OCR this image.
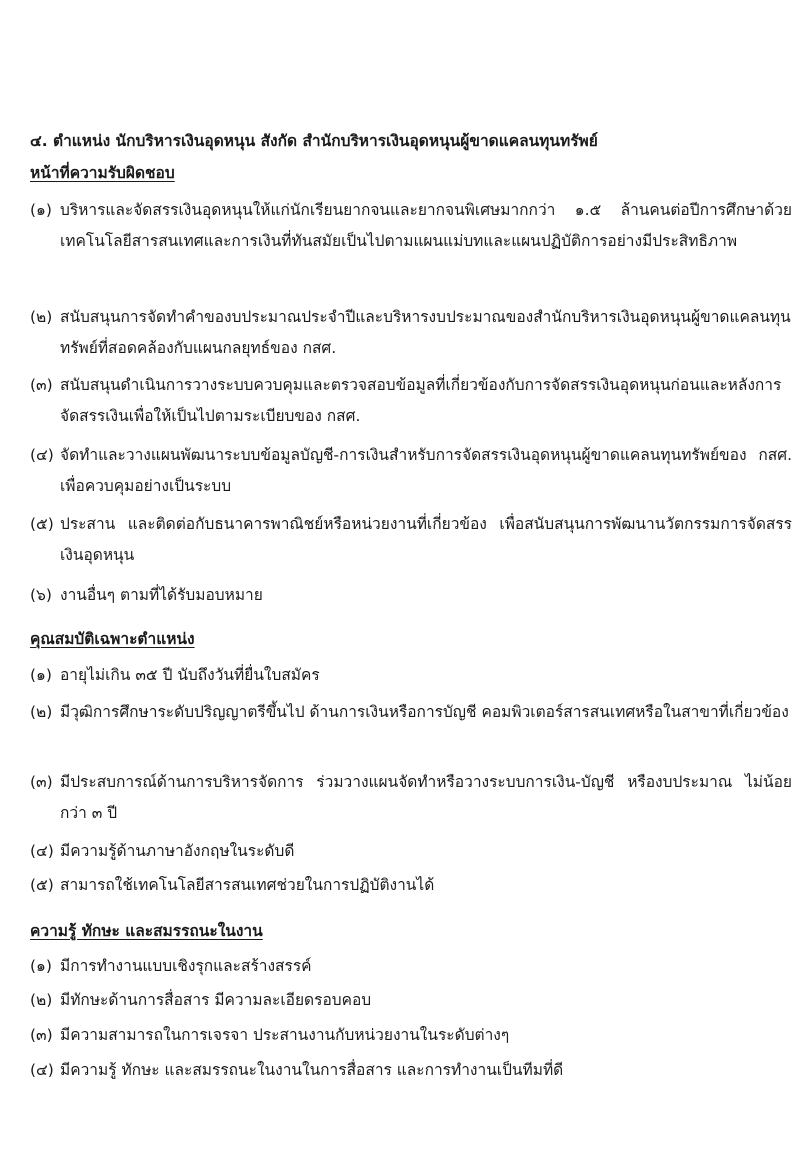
๔. ตำแหน่ง นักบริหารเงินอุดหนุน สังกัด สำนักบริหารเงินอุดหนุนผู้ขาดแคลนทุนทรัพย์
หน้าที่ความรับผิดชอบ
(๑) บริหารและจัดสรรเงินอุดหนุนให้แก่นักเรียนยากจนและยากจนพิเศษมากกว่า ๑.๕ ล้านคนต่อปีการศึกษาด้วยเทคโนโลยีสารสนเทศและการเงินที่ทันสมัยเป็นไปตามแผนแม่บทและแผนปฏิบัติการอย่างมีประสิทธิภาพ
(๒) สนับสนุนการจัดทำคำของบประมาณประจำปีและบริหารงบประมาณของสำนักบริหารเงินอุดหนุนผู้ขาดแคลนทุนทรัพย์ที่สอดคล้องกับแผนกลยุทธ์ของ กสศ.
(๓) สนับสนุนดำเนินการวางระบบควบคุมและตรวจสอบข้อมูลที่เกี่ยวข้องกับการจัดสรรเงินอุดหนุนก่อนและหลังการจัดสรรเงินเพื่อให้เป็นไปตามระเบียบของ กสศ.
(๔) จัดทำและวางแผนพัฒนาระบบข้อมูลบัญชี-การเงินสำหรับการจัดสรรเงินอุดหนุนผู้ขาดแคลนทุนทรัพย์ของ กสศ. เพื่อควบคุมอย่างเป็นระบบ
(๕) ประสาน และติดต่อกับธนาคารพาณิชย์หรือหน่วยงานที่เกี่ยวข้อง เพื่อสนับสนุนการพัฒนานวัตกรรมการจัดสรรเงินอุดหนุน
(๖) งานอื่นๆ ตามที่ได้รับมอบหมาย
คุณสมบัติเฉพาะตำแหน่ง
(๑) อายุไม่เกิน ๓๕ ปี นับถึงวันที่ยื่นใบสมัคร
(๒) มีวุฒิการศึกษาระดับปริญญาตรีขึ้นไป ด้านการเงินหรือการบัญชี คอมพิวเตอร์สารสนเทศหรือในสาขาที่เกี่ยวข้อง
(๓) มีประสบการณ์ด้านการบริหารจัดการ ร่วมวางแผนจัดทำหรือวางระบบการเงิน-บัญชี หรืองบประมาณ ไม่น้อยกว่า ๓ ปี
(๔) มีความรู้ด้านภาษาอังกฤษในระดับดี
(๕) สามารถใช้เทคโนโลยีสารสนเทศช่วยในการปฏิบัติงานได้
ความรู้ ทักษะ และสมรรถนะในงาน
(๑) มีการทำงานแบบเชิงรุกและสร้างสรรค์
(๒) มีทักษะด้านการสื่อสาร มีความละเอียดรอบคอบ
(๓) มีความสามารถในการเจรจา ประสานงานกับหน่วยงานในระดับต่างๆ
(๔) มีความรู้ ทักษะ และสมรรถนะในงานในการสื่อสาร และการทำงานเป็นทีมที่ดี
